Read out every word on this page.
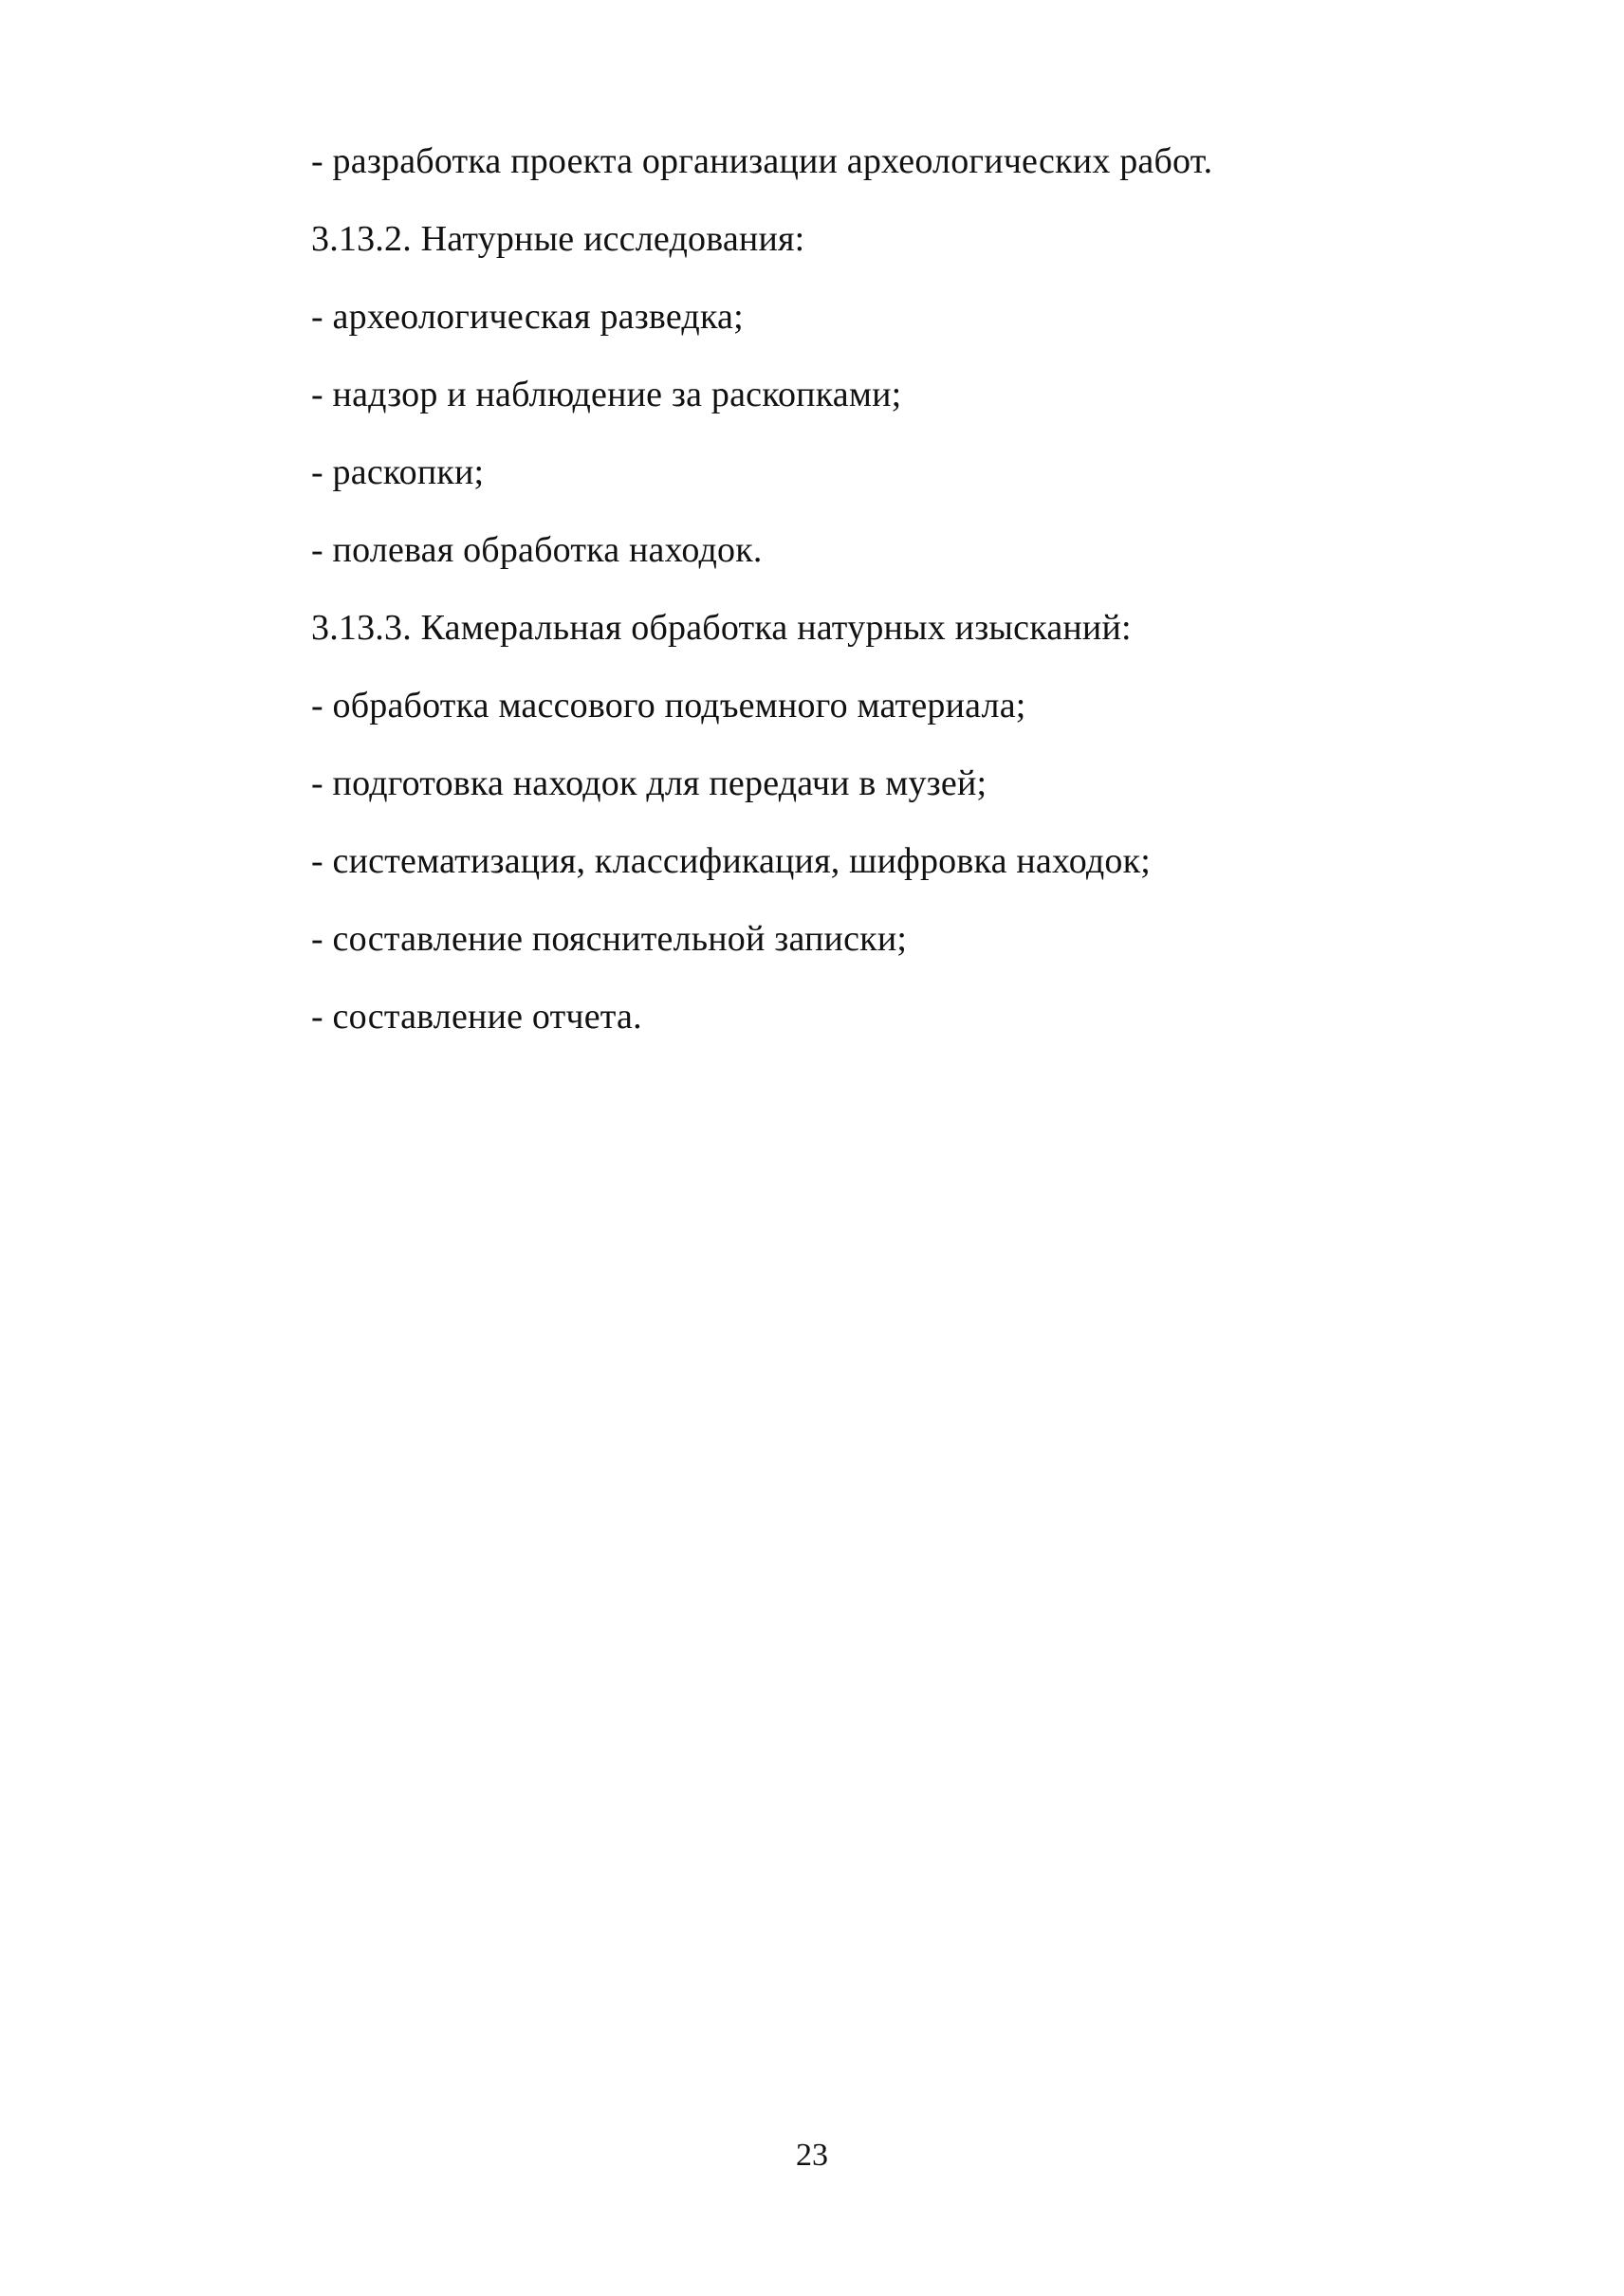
- разработка проекта организации археологических работ.

3.13.2. Натурные исследования:

- археологическая разведка;

- надзор и наблюдение за раскопками;

- раскопки;

- полевая обработка находок.

3.13.3. Камеральная обработка натурных изысканий:

- обработка массового подъемного материала;

- подготовка находок для передачи в музей;

- систематизация, классификация, шифровка находок;

- составление пояснительной записки;

- составление отчета.

23
